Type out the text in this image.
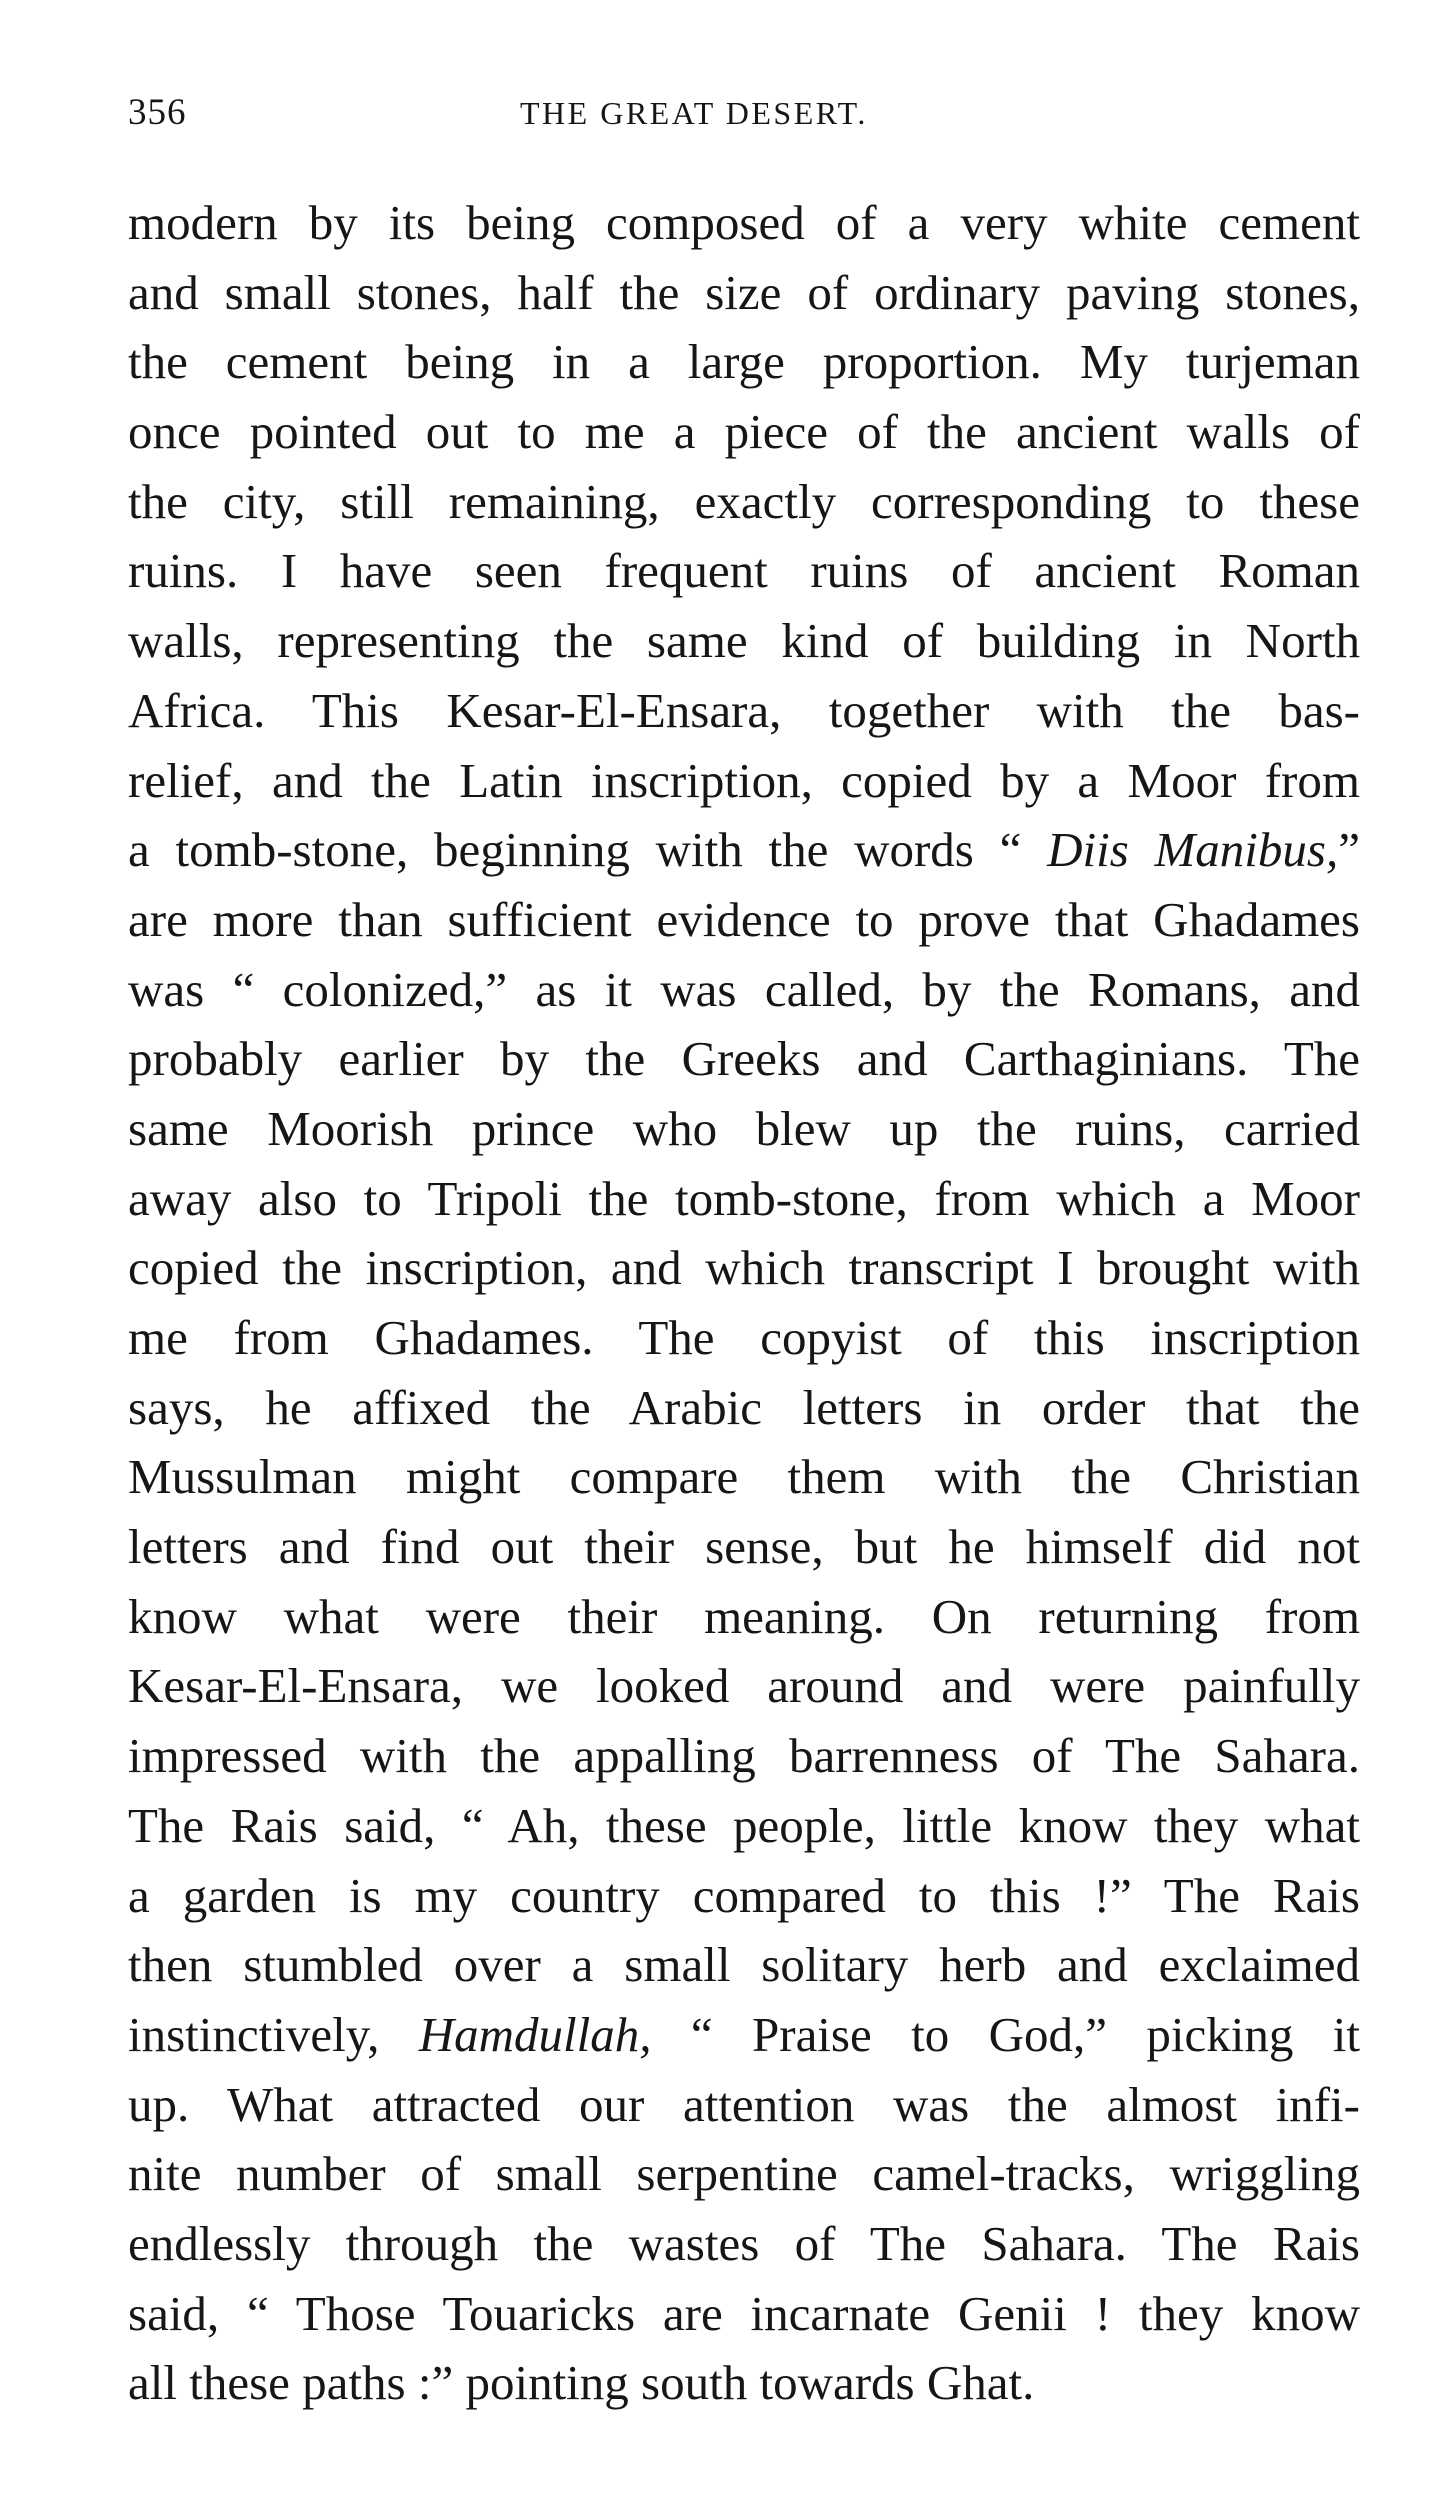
356	THE GREAT DESERT.
modern by its being composed of a very white cement
and small stones, half the size of ordinary paving stones,
the cement being in a large proportion. My turjeman
once pointed out to me a piece of the ancient walls of
the city, still remaining, exactly corresponding to these
ruins. I have seen frequent ruins of ancient Roman
walls, representing the same kind of building in North
Africa. This Kesar-El-Ensara, together with the bas-
relief, and the Latin inscription, copied by a Moor from
a tomb-stone, beginning with the words “ Diis Manibus,”
are more than sufficient evidence to prove that Ghadames
was “ colonized,” as it was called, by the Romans, and
probably earlier by the Greeks and Carthaginians. The
same Moorish prince who blew up the ruins, carried
away also to Tripoli the tomb-stone, from which a Moor
copied the inscription, and which transcript I brought with
me from Ghadames. The copyist of this inscription
says, he affixed the Arabic letters in order that the
Mussulman might compare them with the Christian
letters and find out their sense, but he himself did not
know what were their meaning. On returning from
Kesar-El-Ensara, we looked around and were painfully
impressed with the appalling barrenness of The Sahara.
The Rais said, “ Ah, these people, little know they what
a garden is my country compared to this !” The Rais
then stumbled over a small solitary herb and exclaimed
instinctively, Hamdullah, “ Praise to God,” picking it
up. What attracted our attention was the almost infi-
nite number of small serpentine camel-tracks, wriggling
endlessly through the wastes of The Sahara. The Rais
said, “ Those Touaricks are incarnate Genii ! they know
all these paths :” pointing south towards Ghat.
